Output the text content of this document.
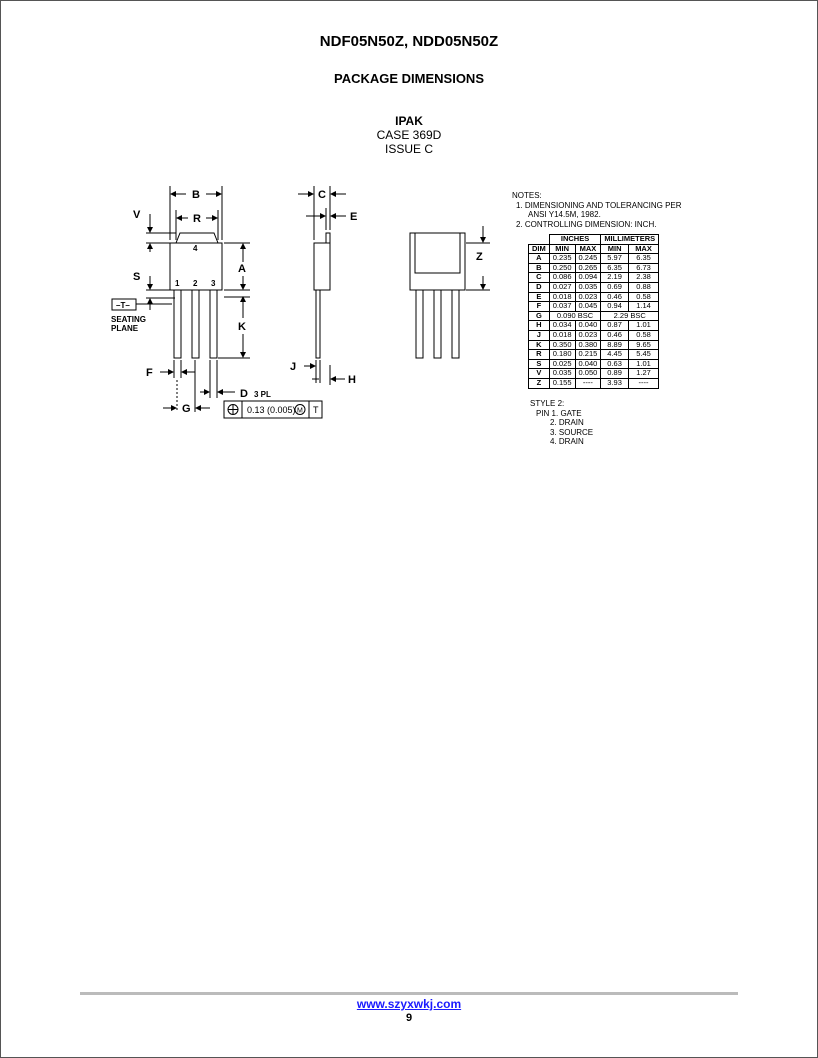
NDF05N50Z, NDD05N50Z
PACKAGE DIMENSIONS
IPAK
CASE 369D
ISSUE C
B
R
V
A
S
K
F
G
D
C
E
J
H
Z
3 PL
–T–
SEATING
PLANE
1 2 3
4
0.13 (0.005) M T
NOTES:
1. DIMENSIONING AND TOLERANCING PER
ANSI Y14.5M, 1982.
2. CONTROLLING DIMENSION: INCH.
	INCHES		MILLIMETERS	
DIM	MIN	MAX	MIN	MAX
A	0.235	0.245	5.97	6.35
B	0.250	0.265	6.35	6.73
C	0.086	0.094	2.19	2.38
D	0.027	0.035	0.69	0.88
E	0.018	0.023	0.46	0.58
F	0.037	0.045	0.94	1.14
G	0.090 BSC		2.29 BSC	
H	0.034	0.040	0.87	1.01
J	0.018	0.023	0.46	0.58
K	0.350	0.380	8.89	9.65
R	0.180	0.215	4.45	5.45
S	0.025	0.040	0.63	1.01
V	0.035	0.050	0.89	1.27
Z	0.155	----	3.93	----
STYLE 2:
PIN 1. GATE
2. DRAIN
3. SOURCE
4. DRAIN
www.szyxwkj.com
9
